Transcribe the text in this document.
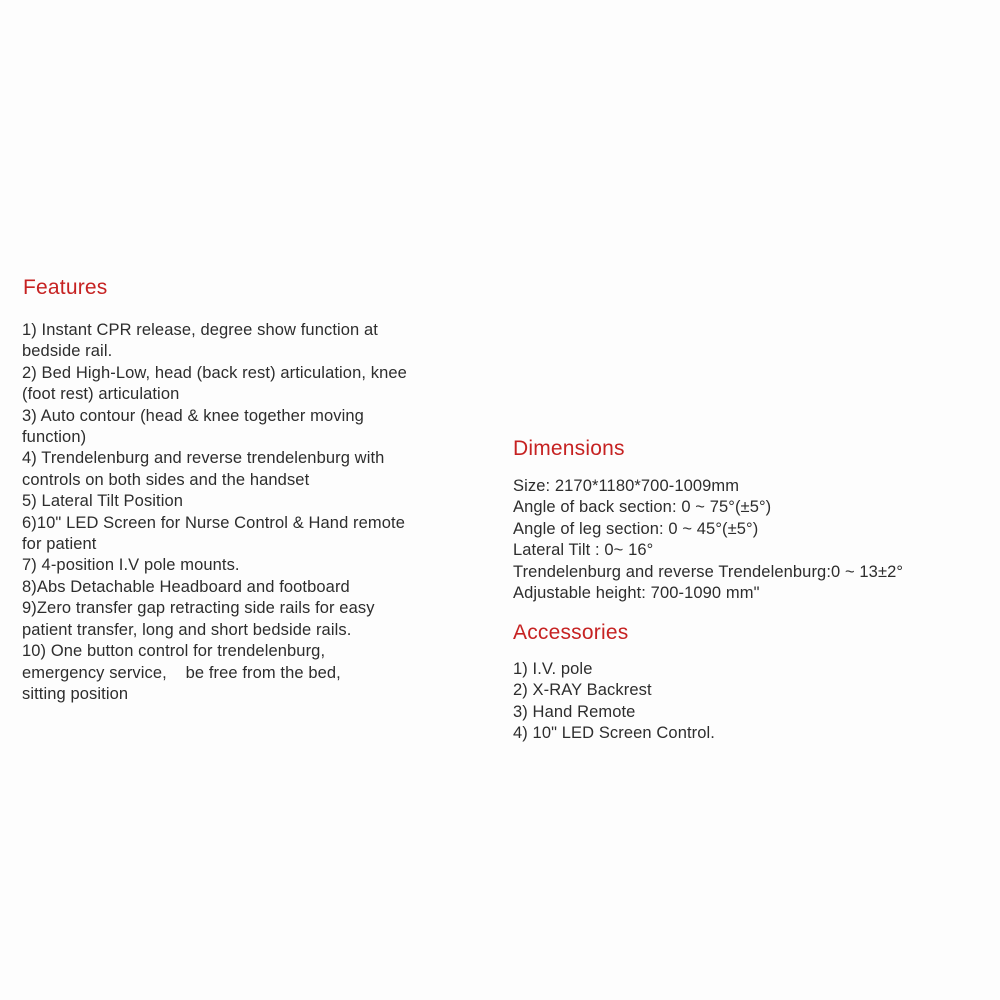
Features
1) Instant CPR release, degree show function at
bedside rail.
2) Bed High-Low, head (back rest) articulation, knee
(foot rest) articulation
3) Auto contour (head & knee together moving
function)
4) Trendelenburg and reverse trendelenburg with
controls on both sides and the handset
5) Lateral Tilt Position
6)10" LED Screen for Nurse Control & Hand remote
for patient
7) 4-position I.V pole mounts.
8)Abs Detachable Headboard and footboard
9)Zero transfer gap retracting side rails for easy
patient transfer, long and short bedside rails.
10) One button control for trendelenburg,
emergency service,    be free from the bed,
sitting position
Dimensions
Size: 2170*1180*700-1009mm
Angle of back section: 0 ~ 75°(±5°)
Angle of leg section: 0 ~ 45°(±5°)
Lateral Tilt : 0~ 16°
Trendelenburg and reverse Trendelenburg:0 ~ 13±2°
Adjustable height: 700-1090 mm"
Accessories
1) I.V. pole
2) X-RAY Backrest
3) Hand Remote
4) 10" LED Screen Control.
